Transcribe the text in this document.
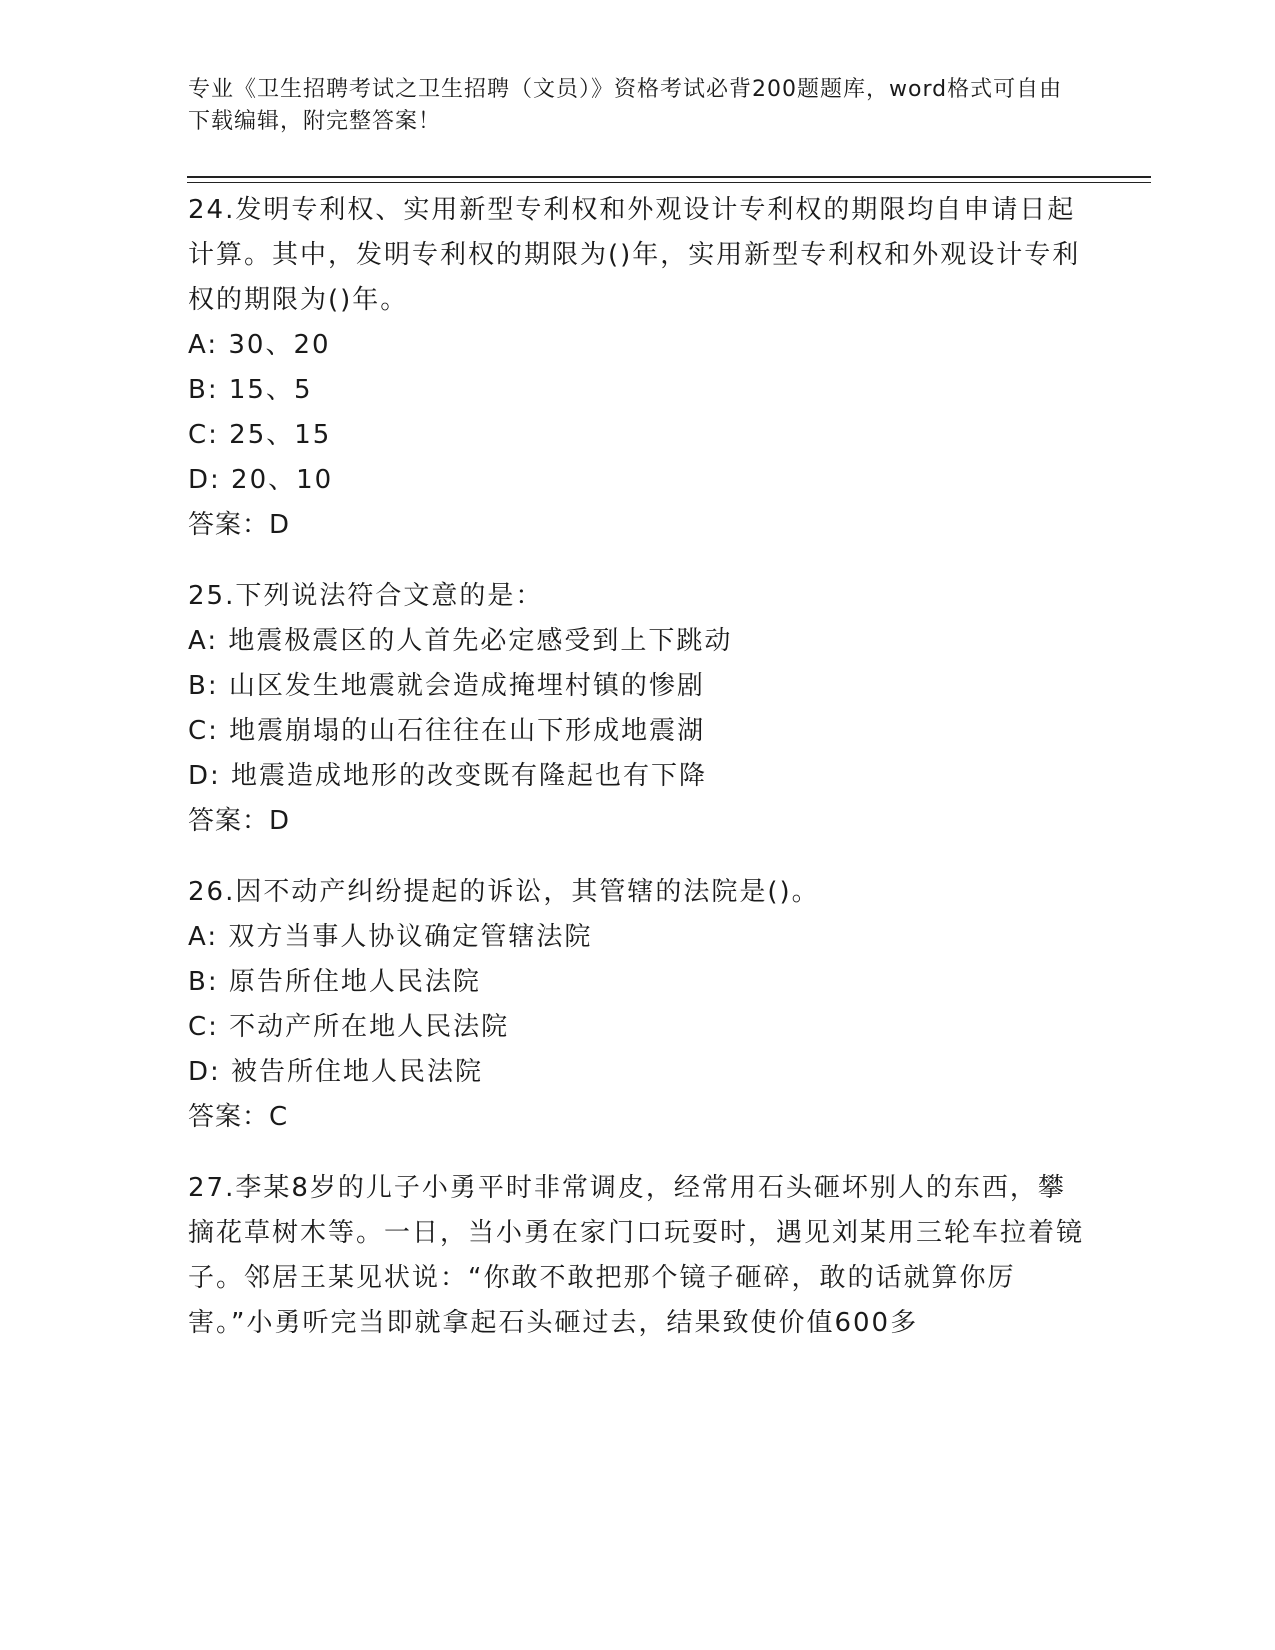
专业《卫生招聘考试之卫生招聘（文员）》资格考试必背200题题库，word格式可自由下载编辑，附完整答案！
24.发明专利权、实用新型专利权和外观设计专利权的期限均自申请日起计算。其中，发明专利权的期限为()年，实用新型专利权和外观设计专利权的期限为()年。
A: 30、20
B: 15、5
C: 25、15
D: 20、10
答案：D
25.下列说法符合文意的是：
A: 地震极震区的人首先必定感受到上下跳动
B: 山区发生地震就会造成掩埋村镇的惨剧
C: 地震崩塌的山石往往在山下形成地震湖
D: 地震造成地形的改变既有隆起也有下降
答案：D
26.因不动产纠纷提起的诉讼，其管辖的法院是()。
A: 双方当事人协议确定管辖法院
B: 原告所住地人民法院
C: 不动产所在地人民法院
D: 被告所住地人民法院
答案：C
27.李某8岁的儿子小勇平时非常调皮，经常用石头砸坏别人的东西，攀摘花草树木等。一日，当小勇在家门口玩耍时，遇见刘某用三轮车拉着镜子。邻居王某见状说：“你敢不敢把那个镜子砸碎，敢的话就算你厉害。”小勇听完当即就拿起石头砸过去，结果致使价值600多
